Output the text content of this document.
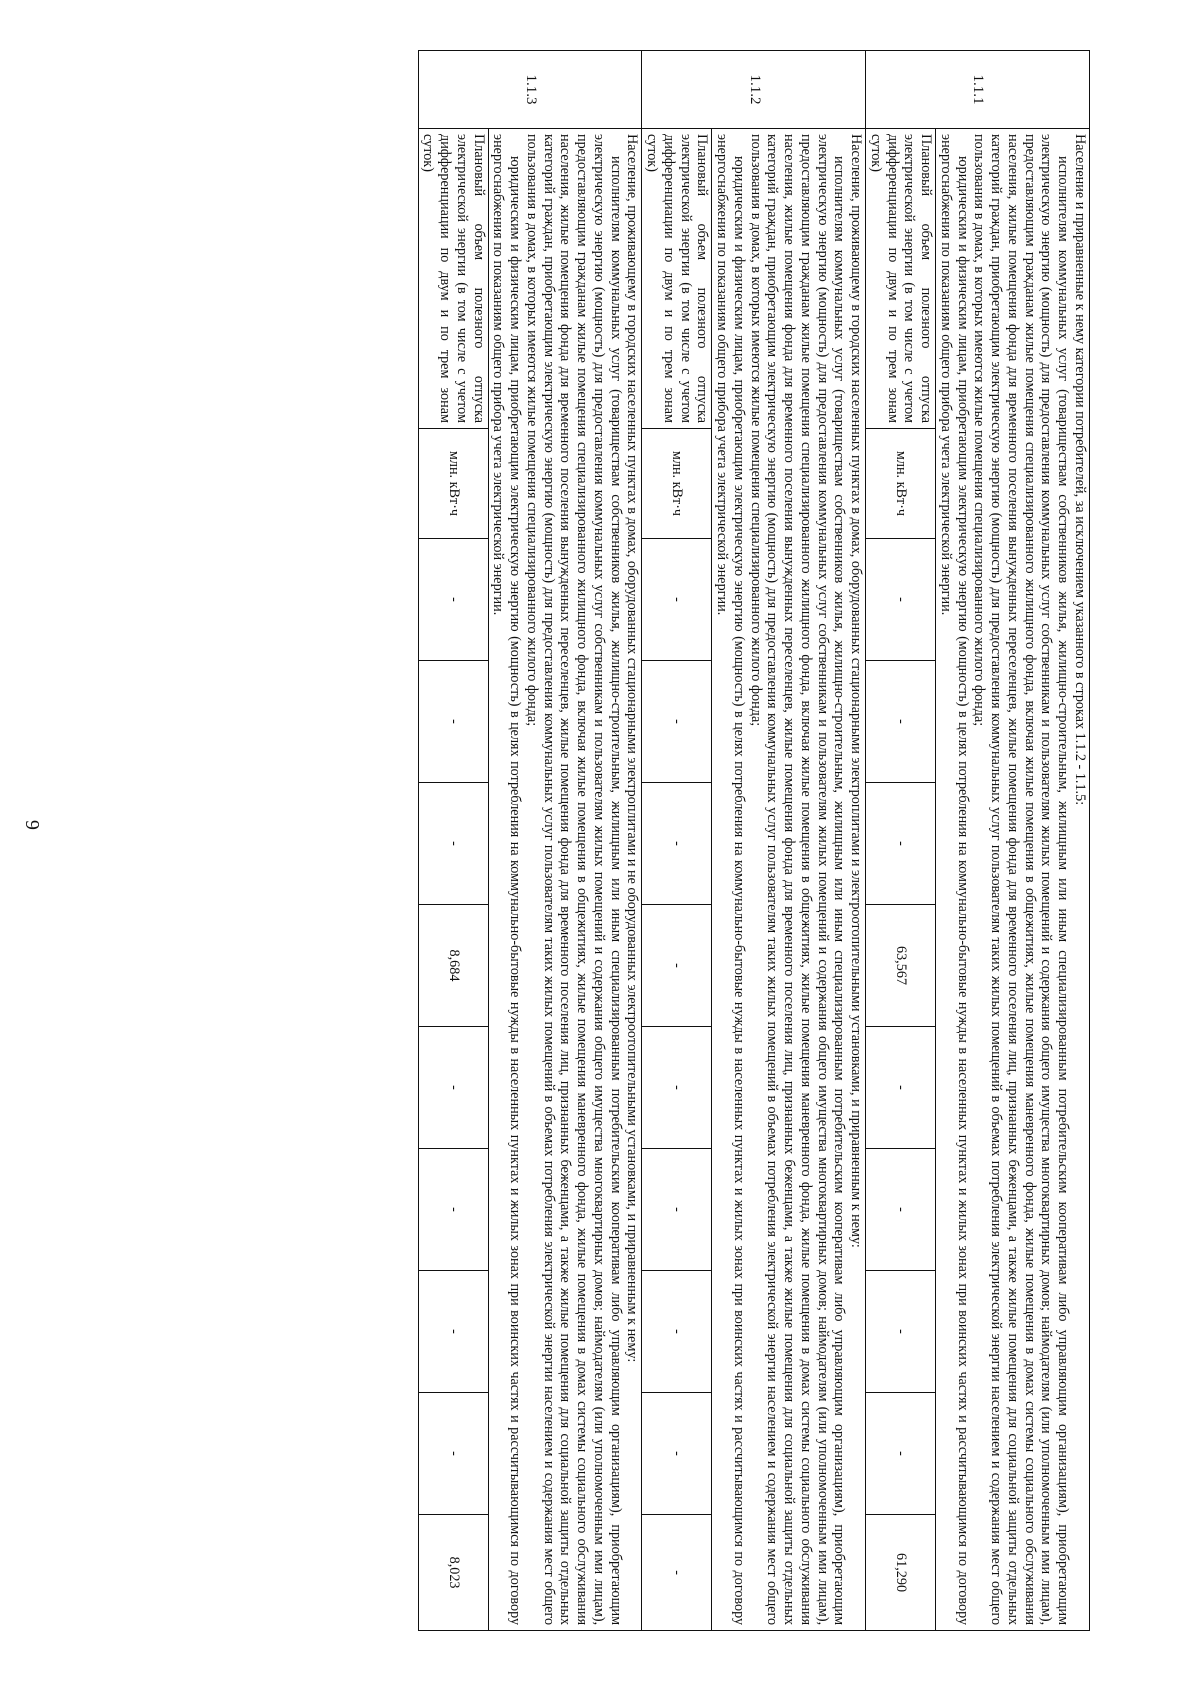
6
1.1.1	Население и приравненные к нему категории потребителей, за исключением указанного в строках 1.1.2 - 1.1.5:

исполнителям коммунальных услуг (товариществам собственников жилья, жилищно-строительным, жилищным или иным специализированным потребительским кооперативам либо управляющим организациям), приобретающим электрическую энергию (мощность) для предоставления коммунальных услуг собственникам и пользователям жилых помещений и содержания общего имущества многоквартирных домов; наймодателям (или уполномоченным ими лицам), предоставляющим гражданам жилые помещения специализированного жилищного фонда, включая жилые помещения в общежитиях, жилые помещения маневренного фонда, жилые помещения в домах системы социального обслуживания населения, жилые помещения фонда для временного поселения вынужденных переселенцев, жилые помещения фонда для временного поселения лиц, признанных беженцами, а также жилые помещения для социальной защиты отдельных категорий граждан, приобретающим электрическую энергию (мощность) для предоставления коммунальных услуг пользователям таких жилых помещений в объемах потребления электрической энергии населением и содержания мест общего пользования в домах, в которых имеются жилые помещения специализированного жилого фонда;

юридическим и физическим лицам, приобретающим электрическую энергию (мощность) в целях потребления на коммунально-бытовые нужды в населенных пунктах и жилых зонах при воинских частях и рассчитывающимся по договору энергоснабжения по показаниям общего прибора учета электрической энергии.										

	Плановый объем полезного отпуска электрической энергии (в том числе с учетом дифференциации по двум и по трем зонам суток)	млн. кВт·ч	-	-	-	63,567	-	-	-	-	61,290
1.1.2	Население, проживающему в городских населенных пунктах в домах, оборудованных стационарными электроплитами и электроотопительными установками, и приравненным к нему:

исполнителям коммунальных услуг (товариществам собственников жилья, жилищно-строительным, жилищным или иным специализированным потребительским кооперативам либо управляющим организациям), приобретающим электрическую энергию (мощность) для предоставления коммунальных услуг собственникам и пользователям жилых помещений и содержания общего имущества многоквартирных домов; наймодателям (или уполномоченным ими лицам), предоставляющим гражданам жилые помещения специализированного жилищного фонда, включая жилые помещения в общежитиях, жилые помещения маневренного фонда, жилые помещения в домах системы социального обслуживания населения, жилые помещения фонда для временного поселения вынужденных переселенцев, жилые помещения фонда для временного поселения лиц, признанных беженцами, а также жилые помещения для социальной защиты отдельных категорий граждан, приобретающим электрическую энергию (мощность) для предоставления коммунальных услуг пользователям таких жилых помещений в объемах потребления электрической энергии населением и содержания мест общего пользования в домах, в которых имеются жилые помещения специализированного жилого фонда;

юридическим и физическим лицам, приобретающим электрическую энергию (мощность) в целях потребления на коммунально-бытовые нужды в населенных пунктах и жилых зонах при воинских частях и рассчитывающимся по договору энергоснабжения по показаниям общего прибора учета электрической энергии.										

	Плановый объем полезного отпуска электрической энергии (в том числе с учетом дифференциации по двум и по трем зонам суток)	млн. кВт·ч	-	-	-	-	-	-	-	-	-
1.1.3	Население, проживающему в городских населенных пунктах в домах, оборудованных стационарными электроплитами и не оборудованных электроотопительными установками, и приравненным к нему:

исполнителям коммунальных услуг (товариществам собственников жилья, жилищно-строительным, жилищным или иным специализированным потребительским кооперативам либо управляющим организациям), приобретающим электрическую энергию (мощность) для предоставления коммунальных услуг собственникам и пользователям жилых помещений и содержания общего имущества многоквартирных домов; наймодателям (или уполномоченным ими лицам), предоставляющим гражданам жилые помещения специализированного жилищного фонда, включая жилые помещения в общежитиях, жилые помещения маневренного фонда, жилые помещения в домах системы социального обслуживания населения, жилые помещения фонда для временного поселения вынужденных переселенцев, жилые помещения фонда для временного поселения лиц, признанных беженцами, а также жилые помещения для социальной защиты отдельных категорий граждан, приобретающим электрическую энергию (мощность) для предоставления коммунальных услуг пользователям таких жилых помещений в объемах потребления электрической энергии населением и содержания мест общего пользования в домах, в которых имеются жилые помещения специализированного жилого фонда;

юридическим и физическим лицам, приобретающим электрическую энергию (мощность) в целях потребления на коммунально-бытовые нужды в населенных пунктах и жилых зонах при воинских частях и рассчитывающимся по договору энергоснабжения по показаниям общего прибора учета электрической энергии.										

	Плановый объем полезного отпуска электрической энергии (в том числе с учетом дифференциации по двум и по трем зонам суток)	млн. кВт·ч	-	-	-	8,684	-	-	-	-	8,023
